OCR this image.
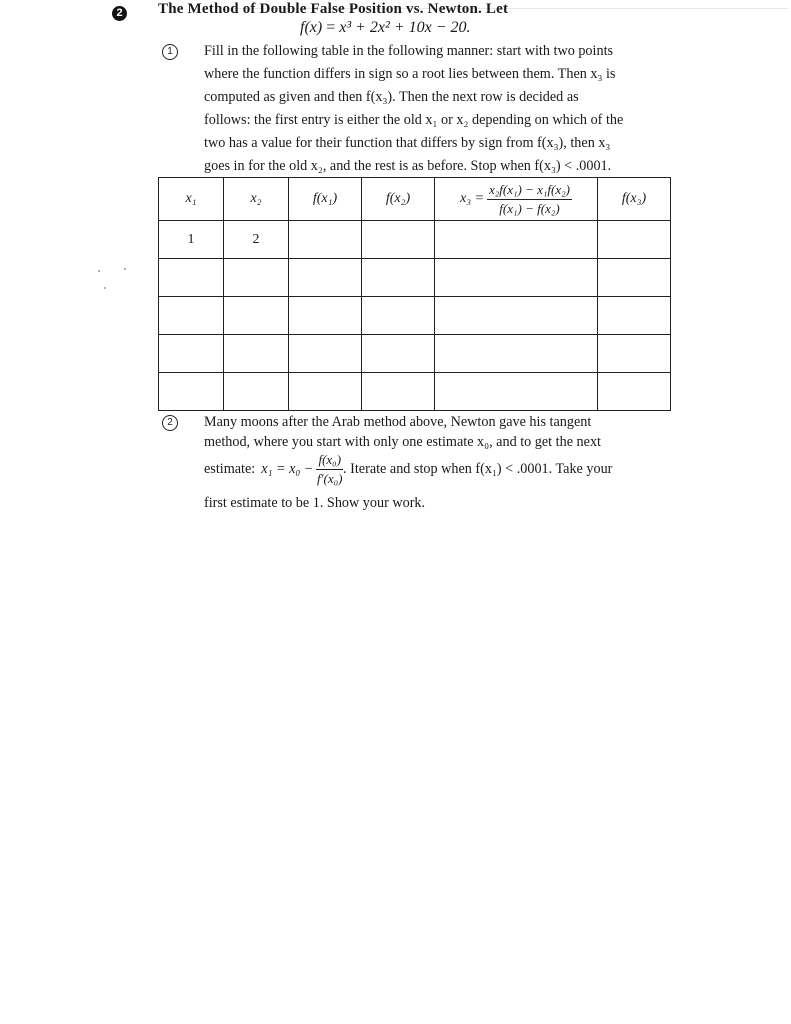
2 The Method of Double False Position vs. Newton. Let
f(x) = x³ + 2x² + 10x − 20.
1	Fill in the following table in the following manner: start with two points
where the function differs in sign so a root lies between them. Then x₃ is
computed as given and then f(x₃). Then the next row is decided as
follows: the first entry is either the old x₁ or x₂ depending on which of the
two has a value for their function that differs by sign from f(x₃), then x₃
goes in for the old x₂, and the rest is as before. Stop when f(x₃) < .0001.
x₁	x₂	f(x₁)	f(x₂)	$x_3 = \frac{\text{x₂f(x₁) − x₁f(x₂)}}{\text{f(x₁) − f(x₂)}}$	f(x₃)
1	2				

2	Many moons after the Arab method above, Newton gave his tangent
method, where you start with only one estimate x₀, and to get the next
estimate: $x_1 = x_0 - \frac{\text{f(x₀)}}{\text{f′(x₀)}}$ . Iterate and stop when f(x₁) < .0001. Take your
first estimate to be 1. Show your work.
